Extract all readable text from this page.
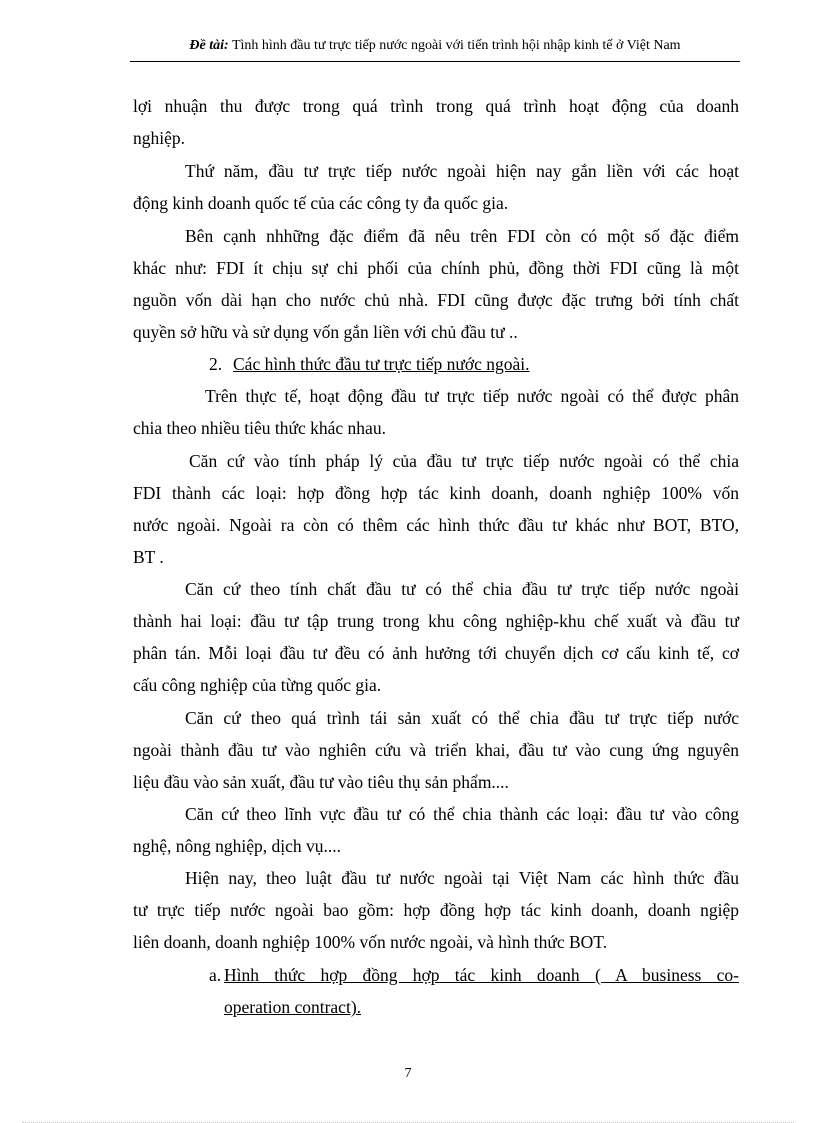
Đề tài: Tình hình đầu tư trực tiếp nước ngoài với tiến trình hội nhập kinh tế ở Việt Nam
lợi nhuận thu được trong quá trình trong quá trình hoạt động của doanh
nghiệp.
Thứ năm, đầu tư trực tiếp nước ngoài hiện nay gắn liền với các hoạt
động kinh doanh quốc tế của các công ty đa quốc gia.
Bên cạnh nhhững đặc điểm đã nêu trên FDI còn có một số đặc điểm
khác như: FDI ít chịu sự chi phối của chính phủ, đồng thời FDI cũng là một
nguồn vốn dài hạn cho nước chủ nhà. FDI cũng được đặc trưng bởi tính chất
quyền sở hữu và sử dụng vốn gắn liền với chủ đầu tư ..
2. Các hình thức đầu tư trực tiếp nước ngoài.
Trên thực tế, hoạt động đầu tư trực tiếp nước ngoài có thể được phân
chia theo nhiều tiêu thức khác nhau.
Căn cứ vào tính pháp lý của đầu tư trực tiếp nước ngoài có thể chia
FDI thành các loại: hợp đồng hợp tác kinh doanh, doanh nghiệp 100% vốn
nước ngoài. Ngoài ra còn có thêm các hình thức đầu tư khác như BOT, BTO,
BT .
Căn cứ theo tính chất đầu tư có thể chia đầu tư trực tiếp nước ngoài
thành hai loại: đầu tư tập trung trong khu công nghiệp-khu chế xuất và đầu tư
phân tán. Mỗi loại đầu tư đều có ảnh hưởng tới chuyển dịch cơ cấu kinh tế, cơ
cấu công nghiệp của từng quốc gia.
Căn cứ theo quá trình tái sản xuất có thể chia đầu tư trực tiếp nước
ngoài thành đầu tư vào nghiên cứu và triển khai, đầu tư vào cung ứng nguyên
liệu đầu vào sản xuất, đầu tư vào tiêu thụ sản phẩm....
Căn cứ theo lĩnh vực đầu tư có thể chia thành các loại: đầu tư vào công
nghệ, nông nghiệp, dịch vụ....
Hiện nay, theo luật đầu tư nước ngoài tại Việt Nam các hình thức đầu
tư trực tiếp nước ngoài bao gồm: hợp đồng hợp tác kinh doanh, doanh ngiệp
liên doanh, doanh nghiệp 100% vốn nước ngoài, và hình thức BOT.
a. Hình thức hợp đồng hợp tác kinh doanh ( A business co-
operation contract).
7
